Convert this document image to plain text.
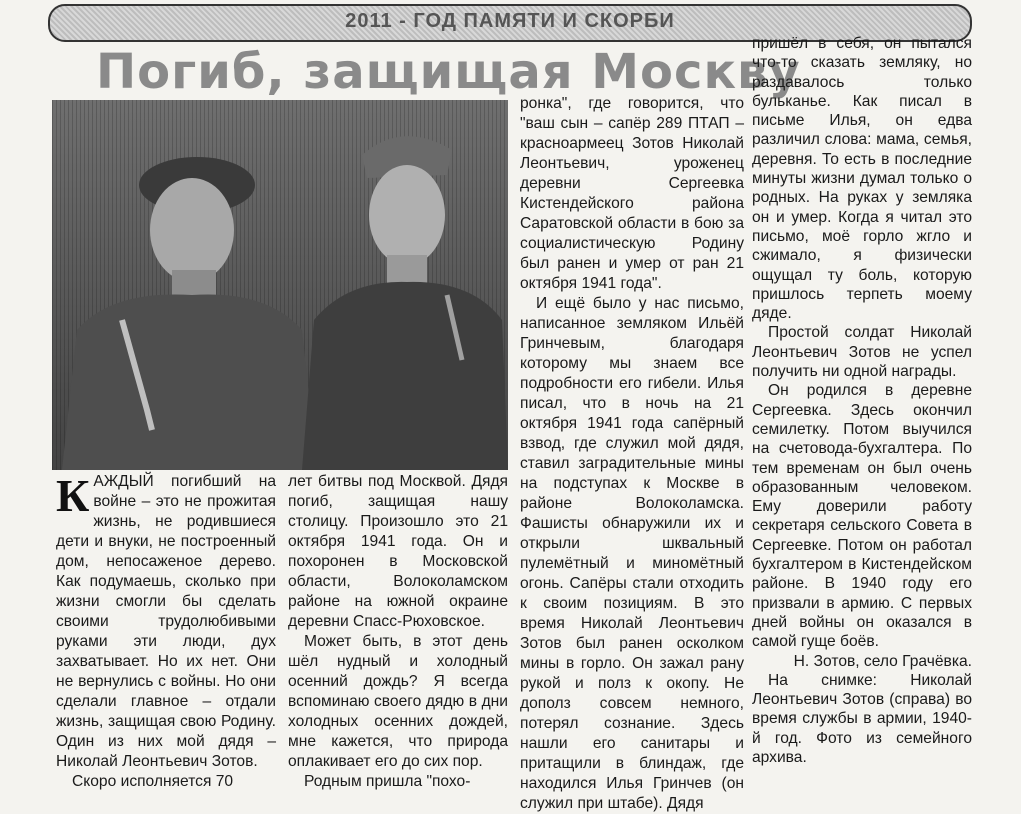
2011 - ГОД ПАМЯТИ И СКОРБИ
Погиб, защищая Москву

КАЖДЫЙ погибший на войне – это не прожитая жизнь, не родившиеся дети и внуки, не построенный дом, непосаженое дерево. Как подумаешь, сколько при жизни смогли бы сделать своими трудолюбивыми руками эти люди, дух захватывает. Но их нет. Они не вернулись с войны. Но они сделали главное – отдали жизнь, защищая свою Родину. Один из них мой дядя – Николай Леонтьевич Зотов.

Скоро исполняется 70

лет битвы под Москвой. Дядя погиб, защищая нашу столицу. Произошло это 21 октября 1941 года. Он и похоронен в Московской области, Волоколамском районе на южной окраине деревни Спасс-Рюховское.

Может быть, в этот день шёл нудный и холодный осенний дождь? Я всегда вспоминаю своего дядю в дни холодных осенних дождей, мне кажется, что природа оплакивает его до сих пор.

Родным пришла "похо-

ронка", где говорится, что "ваш сын – сапёр 289 ПТАП – красноармеец Зотов Николай Леонтьевич, уроженец деревни Сергеевка Кистендейского района Саратовской области в бою за социалистическую Родину был ранен и умер от ран 21 октября 1941 года".

И ещё было у нас письмо, написанное земляком Ильёй Гринчевым, благодаря которому мы знаем все подробности его гибели. Илья писал, что в ночь на 21 октября 1941 года сапёрный взвод, где служил мой дядя, ставил заградительные мины на подступах к Москве в районе Волоколамска. Фашисты обнаружили их и открыли шквальный пулемётный и миномётный огонь. Сапёры стали отходить к своим позициям. В это время Николай Леонтьевич Зотов был ранен осколком мины в горло. Он зажал рану рукой и полз к окопу. Не дополз совсем немного, потерял сознание. Здесь нашли его санитары и притащили в блиндаж, где находился Илья Гринчев (он служил при штабе). Дядя

пришёл в себя, он пытался что-то сказать земляку, но раздавалось только бульканье. Как писал в письме Илья, он едва различил слова: мама, семья, деревня. То есть в последние минуты жизни думал только о родных. На руках у земляка он и умер. Когда я читал это письмо, моё горло жгло и сжимало, я физически ощущал ту боль, которую пришлось терпеть моему дяде.

Простой солдат Николай Леонтьевич Зотов не успел получить ни одной награды.

Он родился в деревне Сергеевка. Здесь окончил семилетку. Потом выучился на счетовода-бухгалтера. По тем временам он был очень образованным человеком. Ему доверили работу секретаря сельского Совета в Сергеевке. Потом он работал бухгалтером в Кистендейском районе. В 1940 году его призвали в армию. С первых дней войны он оказался в самой гуще боёв.

Н. Зотов, село Грачёвка.

На снимке: Николай Леонтьевич Зотов (справа) во время службы в армии, 1940-й год. Фото из семейного архива.
